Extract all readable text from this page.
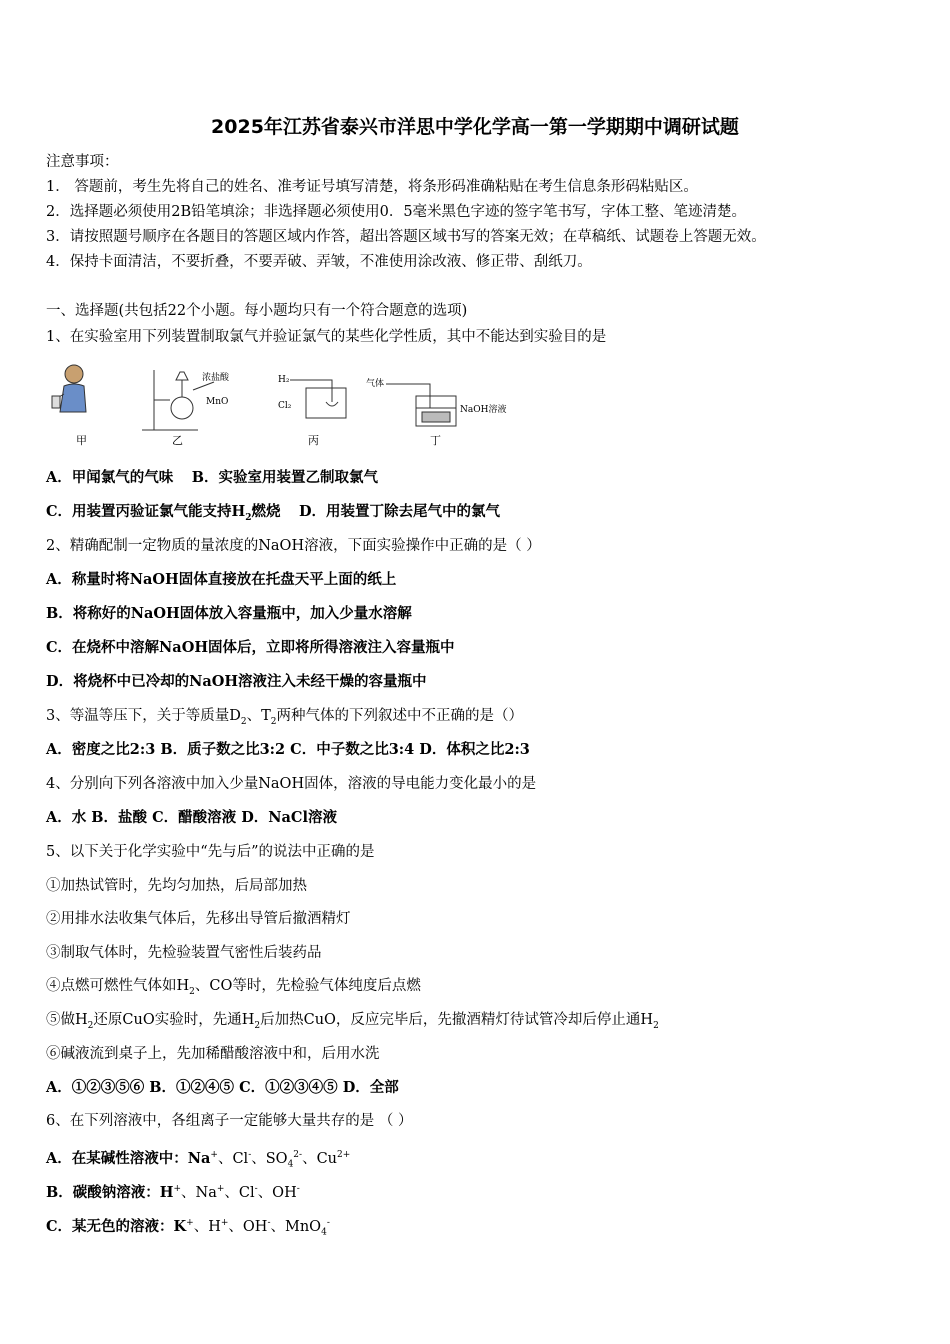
2025年江苏省泰兴市洋思中学化学高一第一学期期中调研试题
注意事项：
1． 答题前，考生先将自己的姓名、准考证号填写清楚，将条形码准确粘贴在考生信息条形码粘贴区。
2．选择题必须使用2B铅笔填涂；非选择题必须使用0．5毫米黑色字迹的签字笔书写，字体工整、笔迹清楚。
3．请按照题号顺序在各题目的答题区域内作答，超出答题区域书写的答案无效；在草稿纸、试题卷上答题无效。
4．保持卡面清洁，不要折叠，不要弄破、弄皱，不准使用涂改液、修正带、刮纸刀。
一、选择题(共包括22个小题。每小题均只有一个符合题意的选项)
1、在实验室用下列装置制取氯气并验证氯气的某些化学性质，其中不能达到实验目的是
甲
浓盐酸
MnO
乙
H₂
Cl₂
丙
气体
NaOH溶液
丁
A．甲闻氯气的气味 B．实验室用装置乙制取氯气
C．用装置丙验证氯气能支持$H_2$燃烧 D．用装置丁除去尾气中的氯气
2、精确配制一定物质的量浓度的NaOH溶液，下面实验操作中正确的是（ ）
A．称量时将NaOH固体直接放在托盘天平上面的纸上
B．将称好的NaOH固体放入容量瓶中，加入少量水溶解
C．在烧杯中溶解NaOH固体后，立即将所得溶液注入容量瓶中
D．将烧杯中已冷却的NaOH溶液注入未经干燥的容量瓶中
3、等温等压下，关于等质量$D_2$、$T_2$两种气体的下列叙述中不正确的是（）
A．密度之比2:3 B．质子数之比3:2 C．中子数之比3:4 D．体积之比2:3
4、分别向下列各溶液中加入少量NaOH固体，溶液的导电能力变化最小的是
A．水 B．盐酸 C．醋酸溶液 D．NaCl溶液
5、以下关于化学实验中“先与后”的说法中正确的是
①加热试管时，先均匀加热，后局部加热
②用排水法收集气体后，先移出导管后撤酒精灯
③制取气体时，先检验装置气密性后装药品
④点燃可燃性气体如$H_2$、CO等时，先检验气体纯度后点燃
⑤做$H_2$还原CuO实验时，先通$H_2$后加热CuO，反应完毕后，先撤酒精灯待试管冷却后停止通$H_2$
⑥碱液流到桌子上，先加稀醋酸溶液中和，后用水洗
A．①②③⑤⑥ B．①②④⑤ C．①②③④⑤ D．全部
6、在下列溶液中，各组离子一定能够大量共存的是 （ ）
A．在某碱性溶液中：Na+、Cl-、$SO_4^{2-}$、$Cu^{2+}$
B．碳酸钠溶液：H+、Na+、Cl-、OH-
C．某无色的溶液：K+、H+、OH-、MnO$_4$-
